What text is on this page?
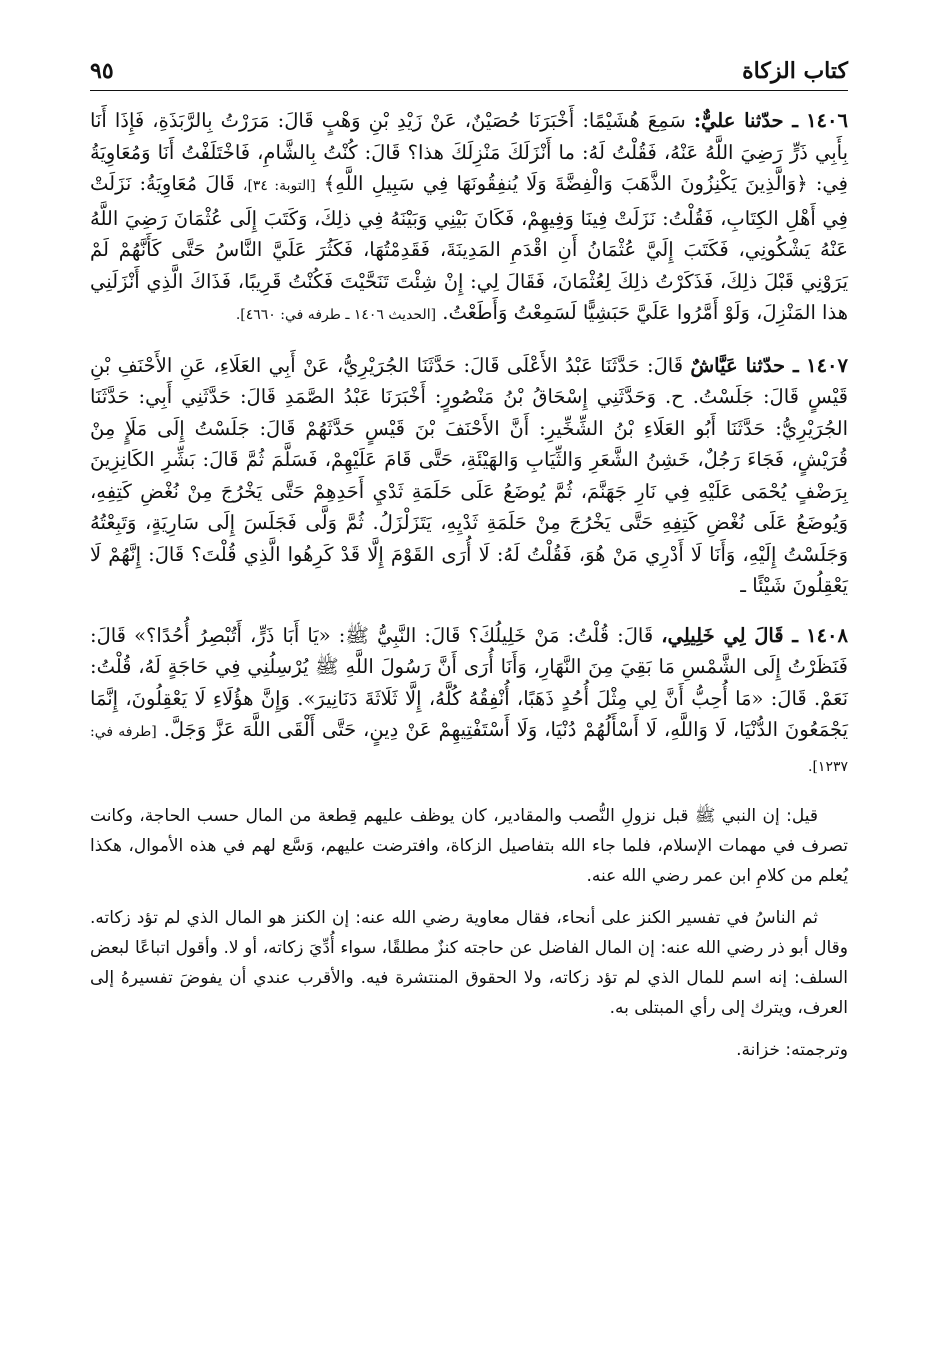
كتاب الزكاة
٩٥

١٤٠٦ ـ حدّثنا عليٌّ: سَمِعَ هُشَيْمًا: أَخْبَرَنَا حُصَيْنٌ، عَنْ زَيْدِ بْنِ وَهْبٍ قَالَ: مَرَرْتُ بِالرَّبَذَةِ، فَإِذَا أَنَا بِأَبِي ذَرٍّ رَضِيَ اللَّهُ عَنْهُ، فَقُلْتُ لَهُ: ما أَنْزَلَكَ مَنْزِلَكَ هذا؟ قَالَ: كُنْتُ بِالشَّامِ، فَاخْتَلَفْتُ أَنَا وَمُعَاوِيَةُ فِي: ﴿وَالَّذِينَ يَكْنِزُونَ الذَّهَبَ وَالْفِضَّةَ وَلَا يُنفِقُونَهَا فِي سَبِيلِ اللَّهِ﴾ [التوبة: ٣٤]، قَالَ مُعَاوِيَةُ: نَزَلَتْ فِي أَهْلِ الكِتَابِ، فَقُلْتُ: نَزَلَتْ فِينَا وَفِيهِمْ، فَكَانَ بَيْنِي وَبَيْنَهُ فِي ذلِكَ، وَكَتَبَ إِلَى عُثْمَانَ رَضِيَ اللَّهُ عَنْهُ يَشْكُونِي، فَكَتَبَ إِلَيَّ عُثْمَانُ أَنِ اقْدَمِ المَدِينَةَ، فَقَدِمْتُهَا، فَكَثُرَ عَلَيَّ النَّاسُ حَتَّى كَأَنَّهُمْ لَمْ يَرَوْنِي قَبْلَ ذلِكَ، فَذَكَرْتُ ذلِكَ لِعُثْمَانَ، فَقَالَ لِي: إِنْ شِئْتَ تَنَحَّيْتَ فَكُنْتُ قَرِيبًا، فَذَاكَ الَّذِي أَنْزَلَنِي هذا المَنْزِلَ، وَلَوْ أَمَّرُوا عَلَيَّ حَبَشِيًّا لَسَمِعْتُ وَأَطَعْتُ. [الحديث ١٤٠٦ ـ طرفه في: ٤٦٦٠].

١٤٠٧ ـ حدّثنا عَيَّاشٌ قَالَ: حَدَّثَنَا عَبْدُ الأَعْلَى قَالَ: حَدَّثَنَا الجُرَيْرِيُّ، عَنْ أَبِي العَلَاءِ، عَنِ الأَحْنَفِ بْنِ قَيْسٍ قَالَ: جَلَسْتُ. ح. وَحَدَّثَنِي إِسْحَاقُ بْنُ مَنْصُورٍ: أَخْبَرَنَا عَبْدُ الصَّمَدِ قَالَ: حَدَّثَنِي أَبِي: حَدَّثَنَا الجُرَيْرِيُّ: حَدَّثَنَا أَبُو العَلَاءِ بْنُ الشِّخِّيرِ: أَنَّ الأَحْنَفَ بْنَ قَيْسٍ حَدَّثَهُمْ قَالَ: جَلَسْتُ إِلَى مَلَإٍ مِنْ قُرَيْشٍ، فَجَاءَ رَجُلٌ، خَشِنُ الشَّعَرِ وَالثِّيَابِ وَالهَيْئَةِ، حَتَّى قَامَ عَلَيْهِمْ، فَسَلَّمَ ثُمَّ قَالَ: بَشِّرِ الكَانِزِينَ بِرَضْفٍ يُحْمَى عَلَيْهِ فِي نَارِ جَهَنَّمَ، ثُمَّ يُوضَعُ عَلَى حَلَمَةِ ثَدْيِ أَحَدِهِمْ حَتَّى يَخْرُجَ مِنْ نُغْضِ كَتِفِهِ، وَيُوضَعُ عَلَى نُغْضِ كَتِفِهِ حَتَّى يَخْرُجَ مِنْ حَلَمَةِ ثَدْيِهِ، يَتَزَلْزَلُ. ثُمَّ وَلَّى فَجَلَسَ إِلَى سَارِيَةٍ، وَتَبِعْتُهُ وَجَلَسْتُ إِلَيْهِ، وَأَنَا لَا أَدْرِي مَنْ هُوَ، فَقُلْتُ لَهُ: لَا أُرَى القَوْمَ إِلَّا قَدْ كَرِهُوا الَّذِي قُلْتَ؟ قَالَ: إِنَّهُمْ لَا يَعْقِلُونَ شَيْئًا ـ

١٤٠٨ ـ قَالَ لِي خَلِيلِي، قَالَ: قُلْتُ: مَنْ خَلِيلُكَ؟ قَالَ: النَّبِيُّ ﷺ: «يَا أَبَا ذَرٍّ، أَتُبْصِرُ أُحُدًا؟» قَالَ: فَنَظَرْتُ إِلَى الشَّمْسِ مَا بَقِيَ مِنَ النَّهَارِ، وَأَنَا أُرَى أَنَّ رَسُولَ اللَّهِ ﷺ يُرْسِلُنِي فِي حَاجَةٍ لَهُ، قُلْتُ: نَعَمْ. قَالَ: «مَا أُحِبُّ أَنَّ لِي مِثْلَ أُحُدٍ ذَهَبًا، أُنْفِقُهُ كُلَّهُ، إِلَّا ثَلَاثَةَ دَنَانِيرَ». وَإِنَّ هؤُلَاءِ لَا يَعْقِلُونَ، إِنَّمَا يَجْمَعُونَ الدُّنْيَا، لَا وَاللَّهِ، لَا أَسْأَلُهُمْ دُنْيَا، وَلَا أَسْتَفْتِيهِمْ عَنْ دِينٍ، حَتَّى أَلْقَى اللَّهَ عَزَّ وَجَلَّ. [طرفه في: ١٢٣٧].

قيل: إن النبي ﷺ قبل نزولِ النُّصب والمقادير، كان يوظف عليهم قِطعة من المال حسب الحاجة، وكانت تصرف في مهمات الإسلام، فلما جاء الله بتفاصيل الزكاة، وافترضت عليهم، وَسَّع لهم في هذه الأموال، هكذا يُعلم من كلامِ ابن عمر رضي الله عنه.

ثم الناسُ في تفسير الكنز على أنحاء، فقال معاوية رضي الله عنه: إن الكنز هو المال الذي لم تؤد زكاته. وقال أبو ذر رضي الله عنه: إن المال الفاضل عن حاجته كنزٌ مطلقًا، سواء أُدِّيَ زكاته، أو لا. وأقول اتباعًا لبعض السلف: إنه اسم للمال الذي لم تؤد زكاته، ولا الحقوق المنتشرة فيه. والأقرب عندي أن يفوضَ تفسيرهُ إلى العرف، ويترك إلى رأي المبتلى به.

وترجمته: خزانة.
